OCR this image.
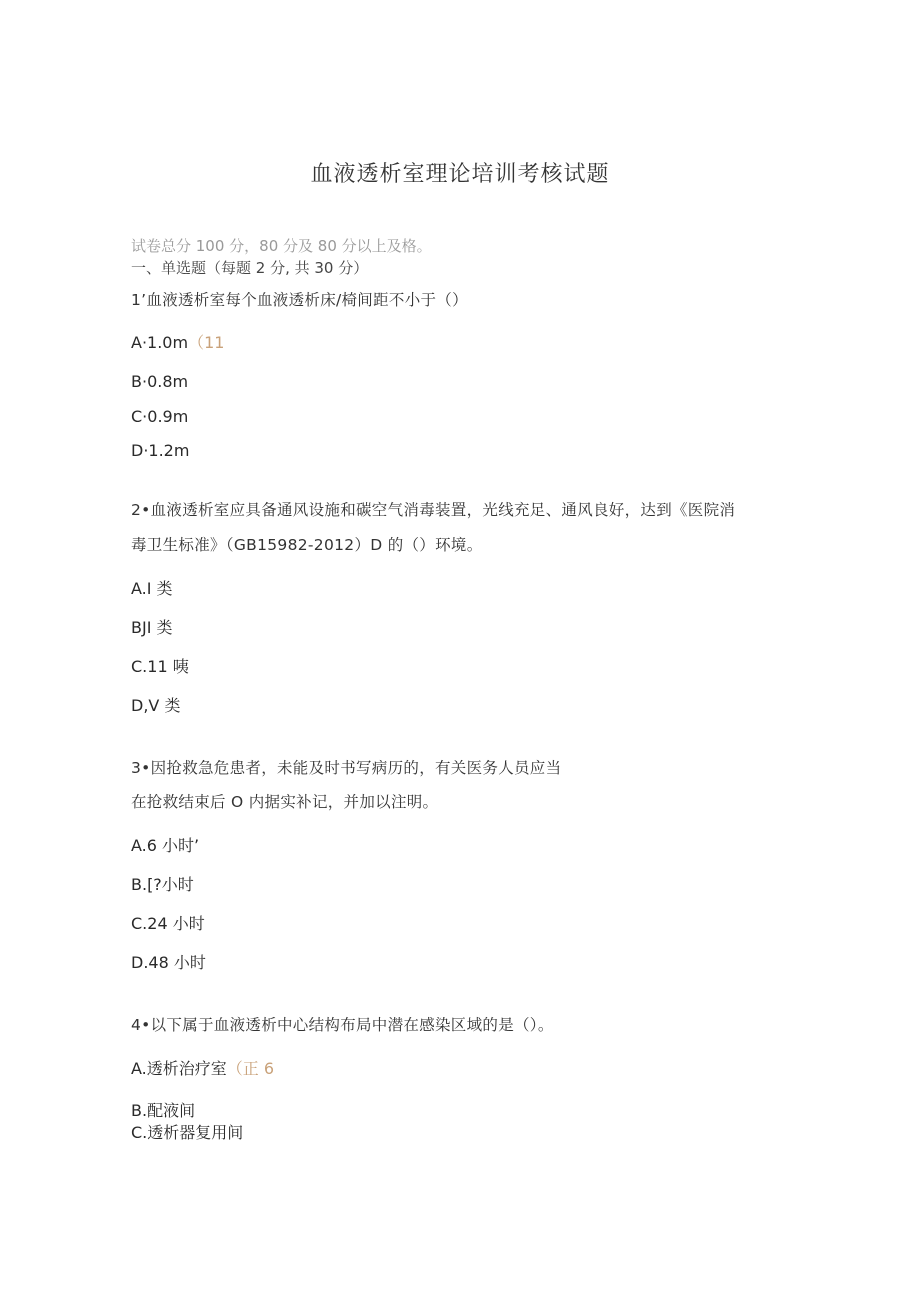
血液透析室理论培训考核试题
试卷总分 100 分，80 分及 80 分以上及格。
一、单选题（每题 2 分, 共 30 分）
1’血液透析室每个血液透析床/椅间距不小于（）
A·1.0m（11
B·0.8m
C·0.9m
D·1.2m
2•血液透析室应具备通风设施和碳空气消毒装置，光线充足、通风良好，达到《医院消
毒卫生标准》（GB15982-2012）D 的（）环境。
A.I 类
BJI 类
C.11 咦
D,V 类
3•因抢救急危患者，未能及时书写病历的，有关医务人员应当
在抢救结束后 O 内据实补记，并加以注明。
A.6 小时’
B.[?小时
C.24 小时
D.48 小时
4•以下属于血液透析中心结构布局中潜在感染区域的是（）。
A.透析治疗室（正 6
B.配液间
C.透析器复用间
